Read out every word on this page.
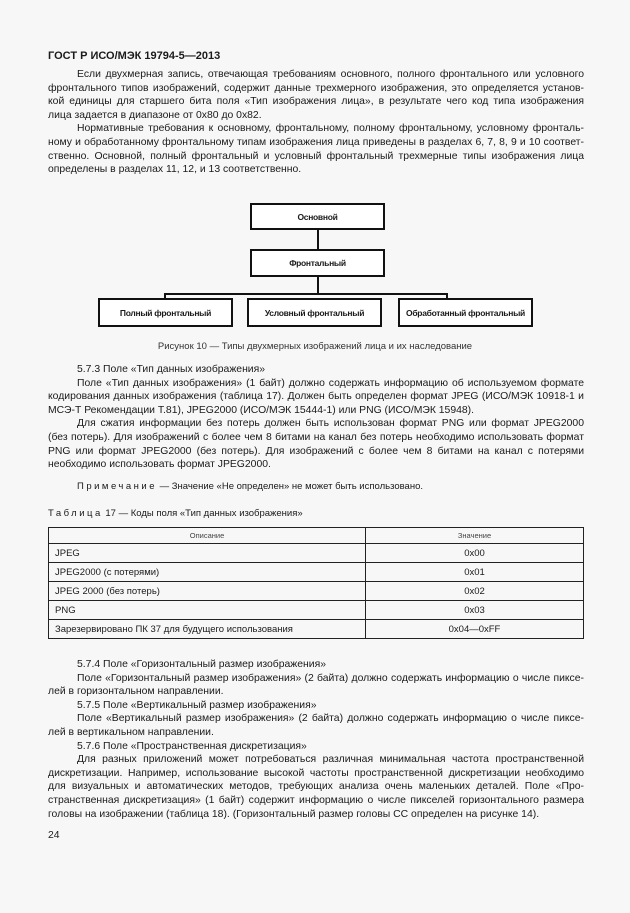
ГОСТ Р ИСО/МЭК 19794-5—2013
Если двухмерная запись, отвечающая требованиям основного, полного фронтального или условного
фронтального типов изображений, содержит данные трехмерного изображения, это определяется установ-
кой единицы для старшего бита поля «Тип изображения лица», в результате чего код типа изображения
лица задается в диапазоне от 0x80 до 0x82.
Нормативные требования к основному, фронтальному, полному фронтальному, условному фронталь-
ному и обработанному фронтальному типам изображения лица приведены в разделах 6, 7, 8, 9 и 10 соответ-
ственно. Основной, полный фронтальный и условный фронтальный трехмерные типы изображения лица
определены в разделах 11, 12, и 13 соответственно.
Основной
Фронтальный
Полный фронтальный	Условный фронтальный	Обработанный фронтальный
Рисунок 10 — Типы двухмерных изображений лица и их наследование
5.7.3 Поле «Тип данных изображения»
Поле «Тип данных изображения» (1 байт) должно содержать информацию об используемом формате
кодирования данных изображения (таблица 17). Должен быть определен формат JPEG (ИСО/МЭК 10918-1 и
МСЭ-Т Рекомендации Т.81), JPEG2000 (ИСО/МЭК 15444-1) или PNG (ИСО/МЭК 15948).
Для сжатия информации без потерь должен быть использован формат PNG или формат JPEG2000
(без потерь). Для изображений с более чем 8 битами на канал без потерь необходимо использовать формат
PNG или формат JPEG2000 (без потерь). Для изображений с более чем 8 битами на канал с потерями
необходимо использовать формат JPEG2000.
Примечание — Значение «Не определен» не может быть использовано.
Таблица 17 — Коды поля «Тип данных изображения»
Описание	Значение
JPEG	0x00
JPEG2000 (с потерями)	0x01
JPEG 2000 (без потерь)	0x02
PNG	0x03
Зарезервировано ПК 37 для будущего использования	0x04—0xFF
5.7.4 Поле «Горизонтальный размер изображения»
Поле «Горизонтальный размер изображения» (2 байта) должно содержать информацию о числе пиксе-
лей в горизонтальном направлении.
5.7.5 Поле «Вертикальный размер изображения»
Поле «Вертикальный размер изображения» (2 байта) должно содержать информацию о числе пиксе-
лей в вертикальном направлении.
5.7.6 Поле «Пространственная дискретизация»
Для разных приложений может потребоваться различная минимальная частота пространственной
дискретизации. Например, использование высокой частоты пространственной дискретизации необходимо
для визуальных и автоматических методов, требующих анализа очень маленьких деталей. Поле «Про-
странственная дискретизация» (1 байт) содержит информацию о числе пикселей горизонтального размера
головы на изображении (таблица 18). (Горизонтальный размер головы СС определен на рисунке 14).
24
